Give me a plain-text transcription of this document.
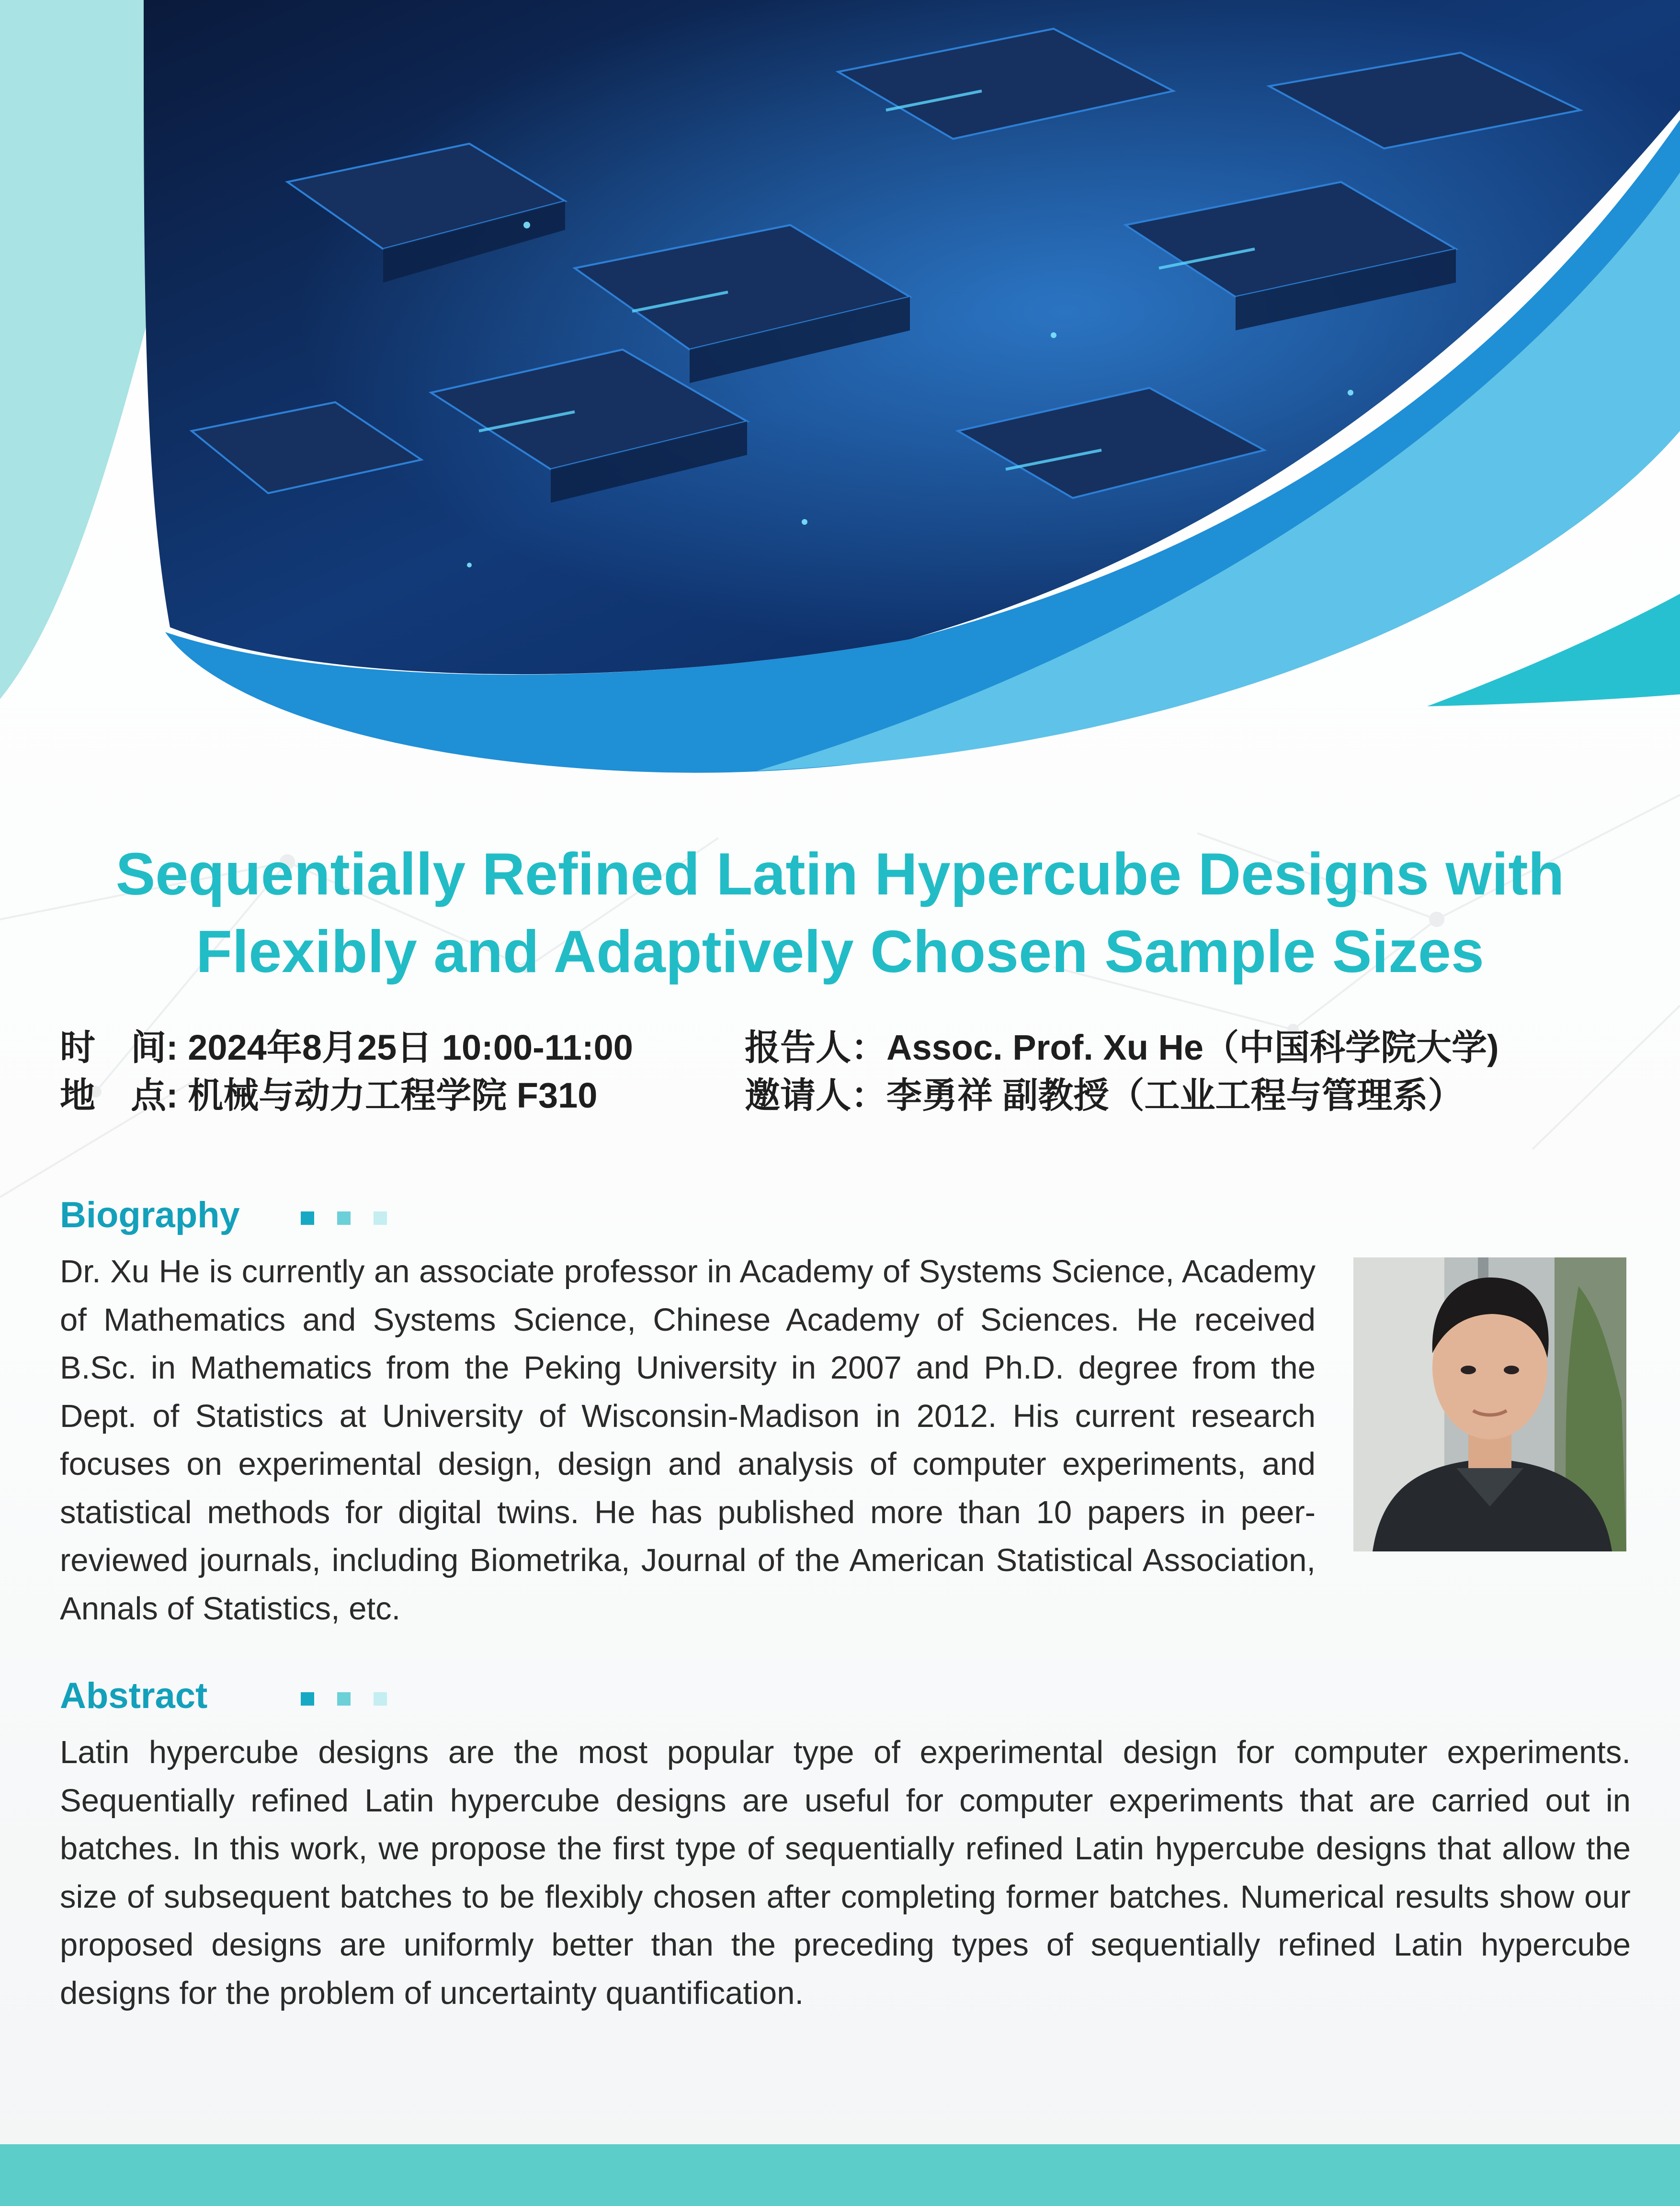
Sequentially Refined Latin Hypercube Designs with
Flexibly and Adaptively Chosen Sample Sizes
时　间: 2024年8月25日 10:00-11:00	报告人：Assoc. Prof. Xu He（中国科学院大学)
地　点: 机械与动力工程学院 F310	邀请人：李勇祥 副教授（工业工程与管理系）
Biography

Dr. Xu He is currently an associate professor in Academy of Systems Science, Academy of Mathematics and Systems Science, Chinese Academy of Sciences. He received B.Sc. in Mathematics from the Peking University in 2007 and Ph.D. degree from the Dept. of Statistics at University of Wisconsin-Madison in 2012. His current research focuses on experimental design, design and analysis of computer experiments, and statistical methods for digital twins. He has published more than 10 papers in peer-reviewed journals, including Biometrika, Journal of the American Statistical Association, Annals of Statistics, etc.

Abstract

Latin hypercube designs are the most popular type of experimental design for computer experiments. Sequentially refined Latin hypercube designs are useful for computer experiments that are carried out in batches. In this work, we propose the first type of sequentially refined Latin hypercube designs that allow the size of subsequent batches to be flexibly chosen after completing former batches. Numerical results show our proposed designs are uniformly better than the preceding types of sequentially refined Latin hypercube designs for the problem of uncertainty quantification.
